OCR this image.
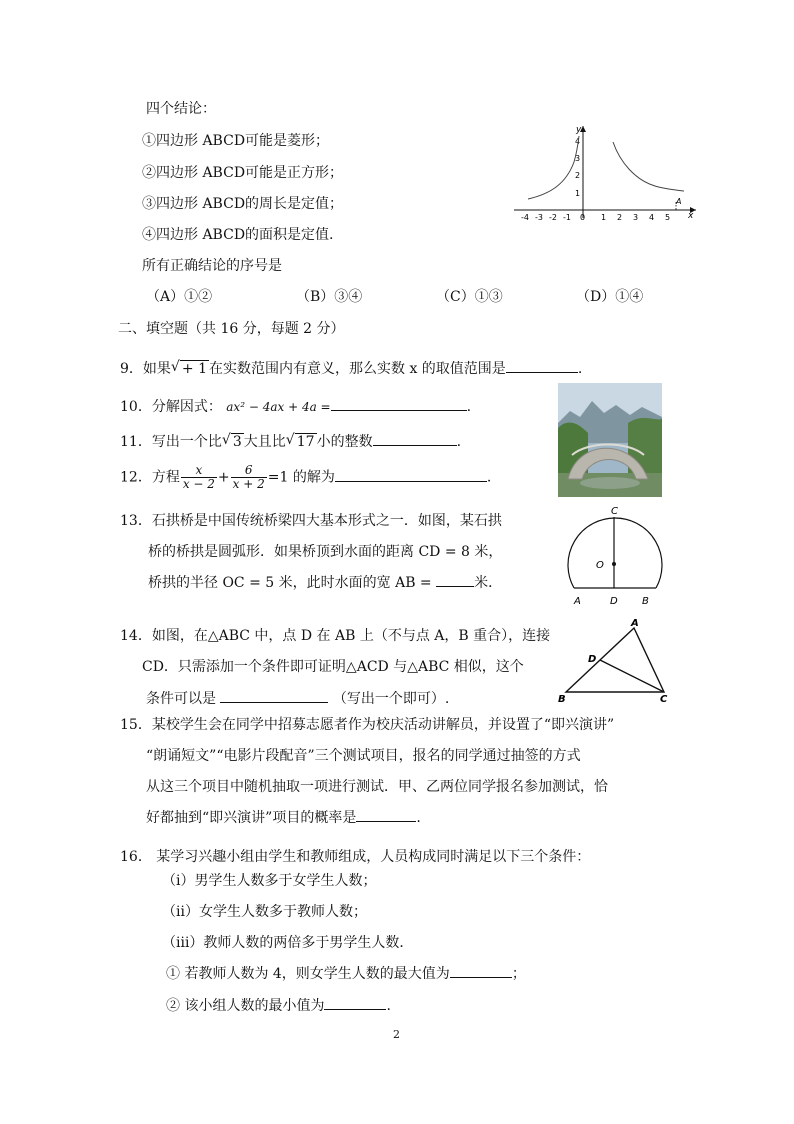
四个结论：
①四边形 ABCD可能是菱形；
②四边形 ABCD可能是正方形；
③四边形 ABCD的周长是定值；
④四边形 ABCD的面积是定值.
所有正确结论的序号是
（A）①②	（B）③④	（C）①③	（D）①④
x
y
-4 -3 -2 -1 0 1 2 3 4 5
1
2
3
4
A
二、填空题（共 16 分，每题 2 分）
9．如果 √ + 1 在实数范围内有意义，那么实数 x 的取值范围是	.
10．分解因式： ax² − 4ax + 4a =	.
11．写出一个比 √ 3 大且比 √ 17 小的整数	.
12．方程 $\frac{x}{x - 2} + \frac{6}{x + 2} =1$ 的解为	.
13．石拱桥是中国传统桥梁四大基本形式之一．如图，某石拱
桥的桥拱是圆弧形．如果桥顶到水面的距离 CD = 8 米，
桥拱的半径 OC = 5 米，此时水面的宽 AB =	米．
C
O
A	D B
14．如图，在△ABC 中，点 D 在 AB 上（不与点 A，B 重合），连接
CD．只需添加一个条件即可证明△ACD 与△ABC 相似，这个
条件可以是	（写出一个即可）.
A
D
B	C
15．某校学生会在同学中招募志愿者作为校庆活动讲解员，并设置了“即兴演讲”
“朗诵短文”“电影片段配音”三个测试项目，报名的同学通过抽签的方式
从这三个项目中随机抽取一项进行测试．甲、乙两位同学报名参加测试，恰
好都抽到“即兴演讲”项目的概率是	.
16． 某学习兴趣小组由学生和教师组成，人员构成同时满足以下三个条件：
（ⅰ）男学生人数多于女学生人数；
（ⅱ）女学生人数多于教师人数；
（ⅲ）教师人数的两倍多于男学生人数．
① 若教师人数为 4，则女学生人数的最大值为	；
② 该小组人数的最小值为	.
2
